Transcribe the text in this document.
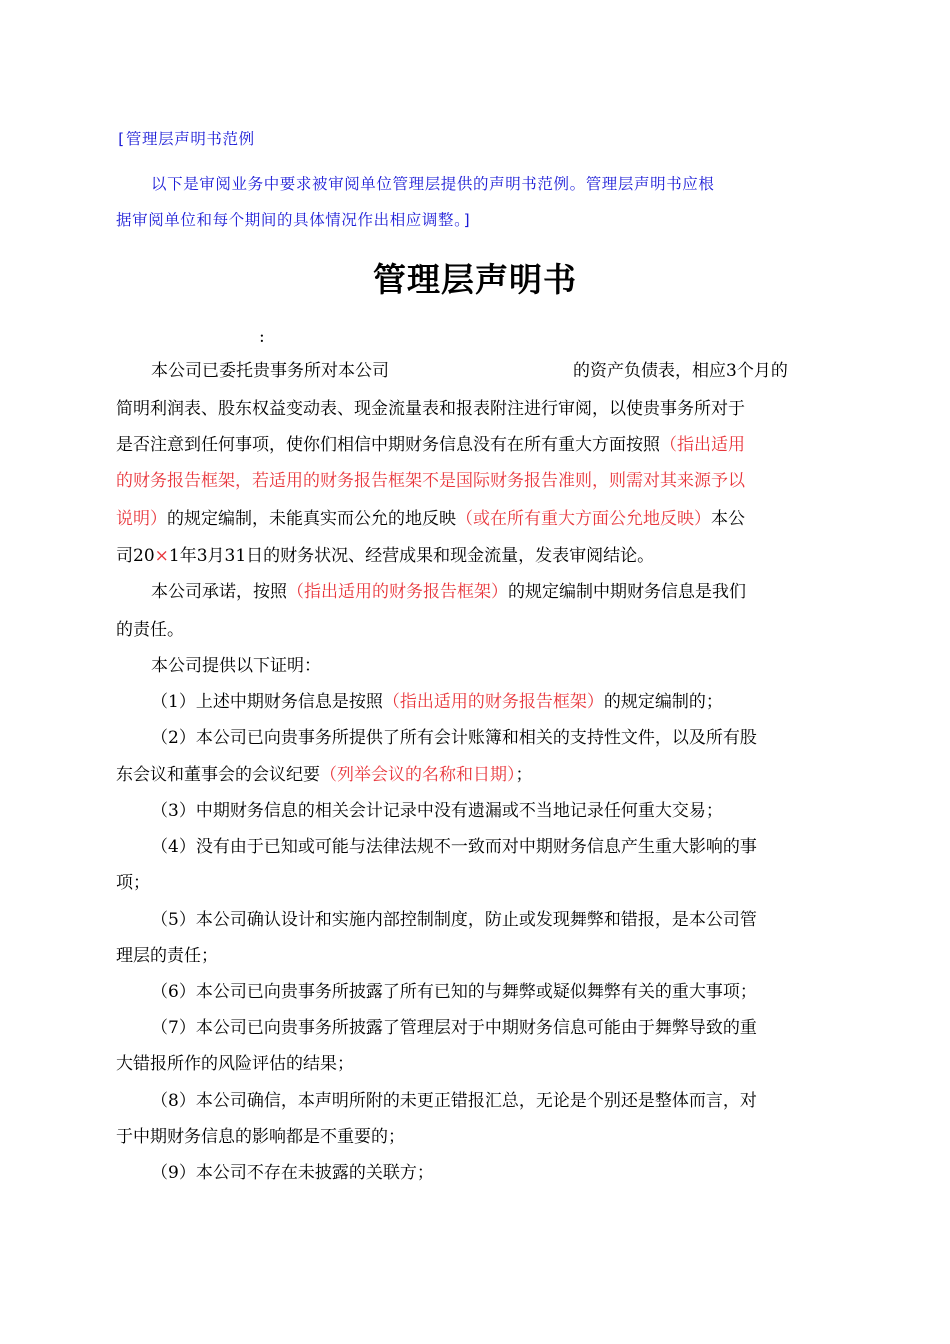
[管理层声明书范例
以下是审阅业务中要求被审阅单位管理层提供的声明书范例。管理层声明书应根
据审阅单位和每个期间的具体情况作出相应调整。]
管理层声明书
:
本公司已委托贵事务所对本公司	的资产负债表，相应3个月的
简明利润表、股东权益变动表、现金流量表和报表附注进行审阅，以使贵事务所对于
是否注意到任何事项，使你们相信中期财务信息没有在所有重大方面按照（指出适用
的财务报告框架，若适用的财务报告框架不是国际财务报告准则，则需对其来源予以
说明）的规定编制，未能真实而公允的地反映（或在所有重大方面公允地反映）本公
司20×1年3月31日的财务状况、经营成果和现金流量，发表审阅结论。
本公司承诺，按照（指出适用的财务报告框架）的规定编制中期财务信息是我们
的责任。
本公司提供以下证明：
（1）上述中期财务信息是按照（指出适用的财务报告框架）的规定编制的；
（2）本公司已向贵事务所提供了所有会计账簿和相关的支持性文件，以及所有股
东会议和董事会的会议纪要（列举会议的名称和日期）；
（3）中期财务信息的相关会计记录中没有遗漏或不当地记录任何重大交易；
（4）没有由于已知或可能与法律法规不一致而对中期财务信息产生重大影响的事
项；
（5）本公司确认设计和实施内部控制制度，防止或发现舞弊和错报，是本公司管
理层的责任；
（6）本公司已向贵事务所披露了所有已知的与舞弊或疑似舞弊有关的重大事项；
（7）本公司已向贵事务所披露了管理层对于中期财务信息可能由于舞弊导致的重
大错报所作的风险评估的结果；
（8）本公司确信，本声明所附的未更正错报汇总，无论是个别还是整体而言，对
于中期财务信息的影响都是不重要的；
（9）本公司不存在未披露的关联方；
